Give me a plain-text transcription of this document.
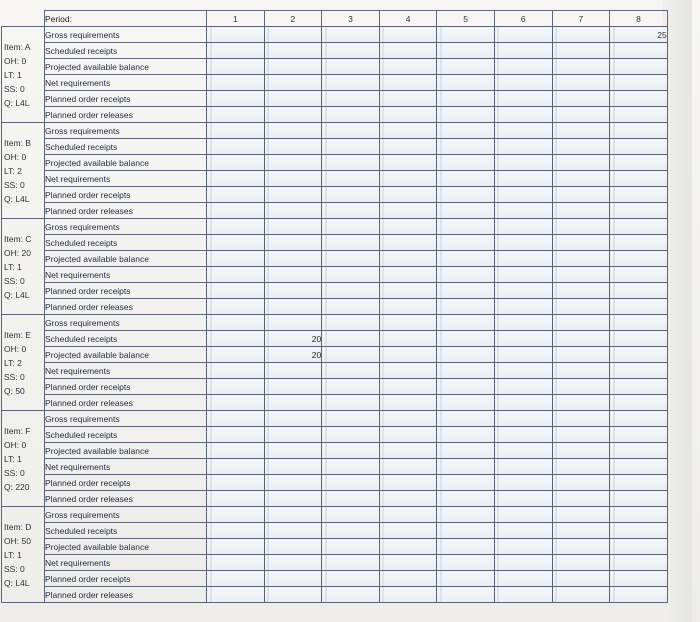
	Period:	1	2	3	4	5	6	7	8

Item: A
OH: 0
LT: 1
SS: 0
Q: L4L	Gross requirements								25
	Scheduled receipts								
	Projected available balance								
	Net requirements								
	Planned order receipts								
	Planned order releases								

Item: B
OH: 0
LT: 2
SS: 0
Q: L4L	Gross requirements								
	Scheduled receipts								
	Projected available balance								
	Net requirements								
	Planned order receipts								
	Planned order releases								

Item: C
OH: 20
LT: 1
SS: 0
Q: L4L	Gross requirements								
	Scheduled receipts								
	Projected available balance								
	Net requirements								
	Planned order receipts								
	Planned order releases								

Item: E
OH: 0
LT: 2
SS: 0
Q: 50	Gross requirements								
	Scheduled receipts		20						
	Projected available balance		20						
	Net requirements								
	Planned order receipts								
	Planned order releases								

Item: F
OH: 0
LT: 1
SS: 0
Q: 220	Gross requirements								
	Scheduled receipts								
	Projected available balance								
	Net requirements								
	Planned order receipts								
	Planned order releases								

Item: D
OH: 50
LT: 1
SS: 0
Q: L4L	Gross requirements								
	Scheduled receipts								
	Projected available balance								
	Net requirements								
	Planned order receipts								
	Planned order releases								
